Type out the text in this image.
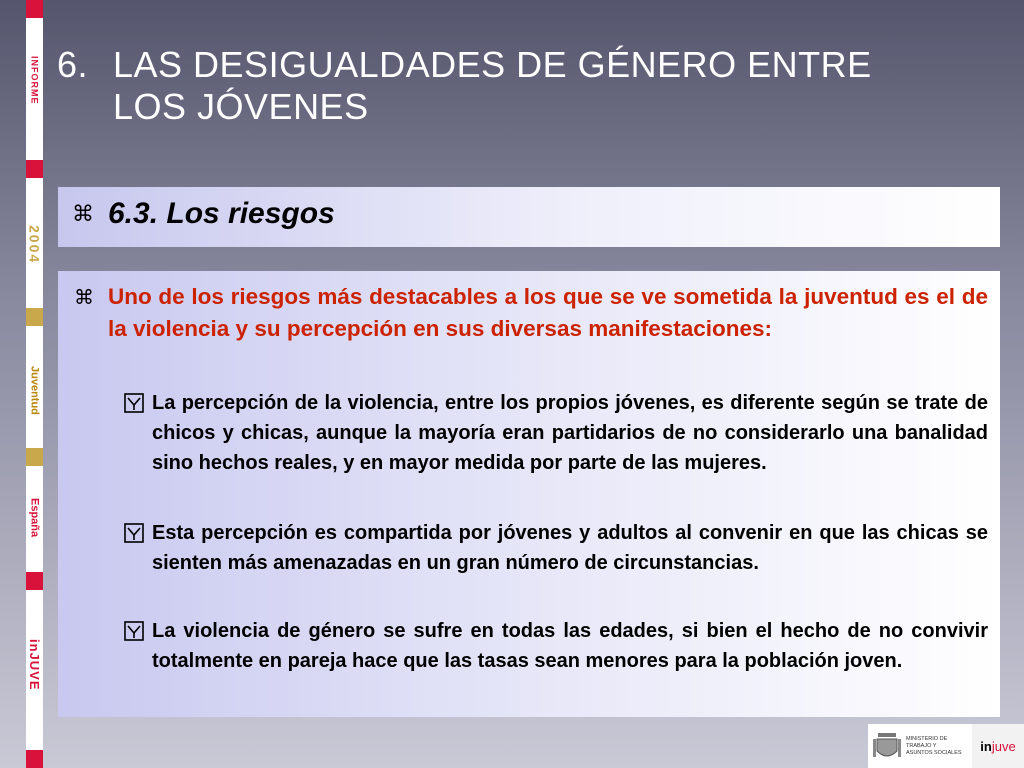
INFORME
2004
Juventud
España
inJUVE
6. LAS DESIGUALDADES DE GÉNERO ENTRE
LOS JÓVENES
⌘ 6.3. Los riesgos
⌘ Uno de los riesgos más destacables a los que se ve sometida la juventud es el de la violencia y su percepción en sus diversas manifestaciones:
La percepción de la violencia, entre los propios jóvenes, es diferente según se trate de chicos y chicas, aunque la mayoría eran partidarios de no considerarlo una banalidad sino hechos reales, y en mayor medida por parte de las mujeres.
Esta percepción es compartida por jóvenes y adultos al convenir en que las chicas se sienten más amenazadas en un gran número de circunstancias.
La violencia de género se sufre en todas las edades, si bien el hecho de no convivir totalmente en pareja hace que las tasas sean menores para la población joven.
MINISTERIO DE TRABAJO Y ASUNTOS SOCIALES in juve
